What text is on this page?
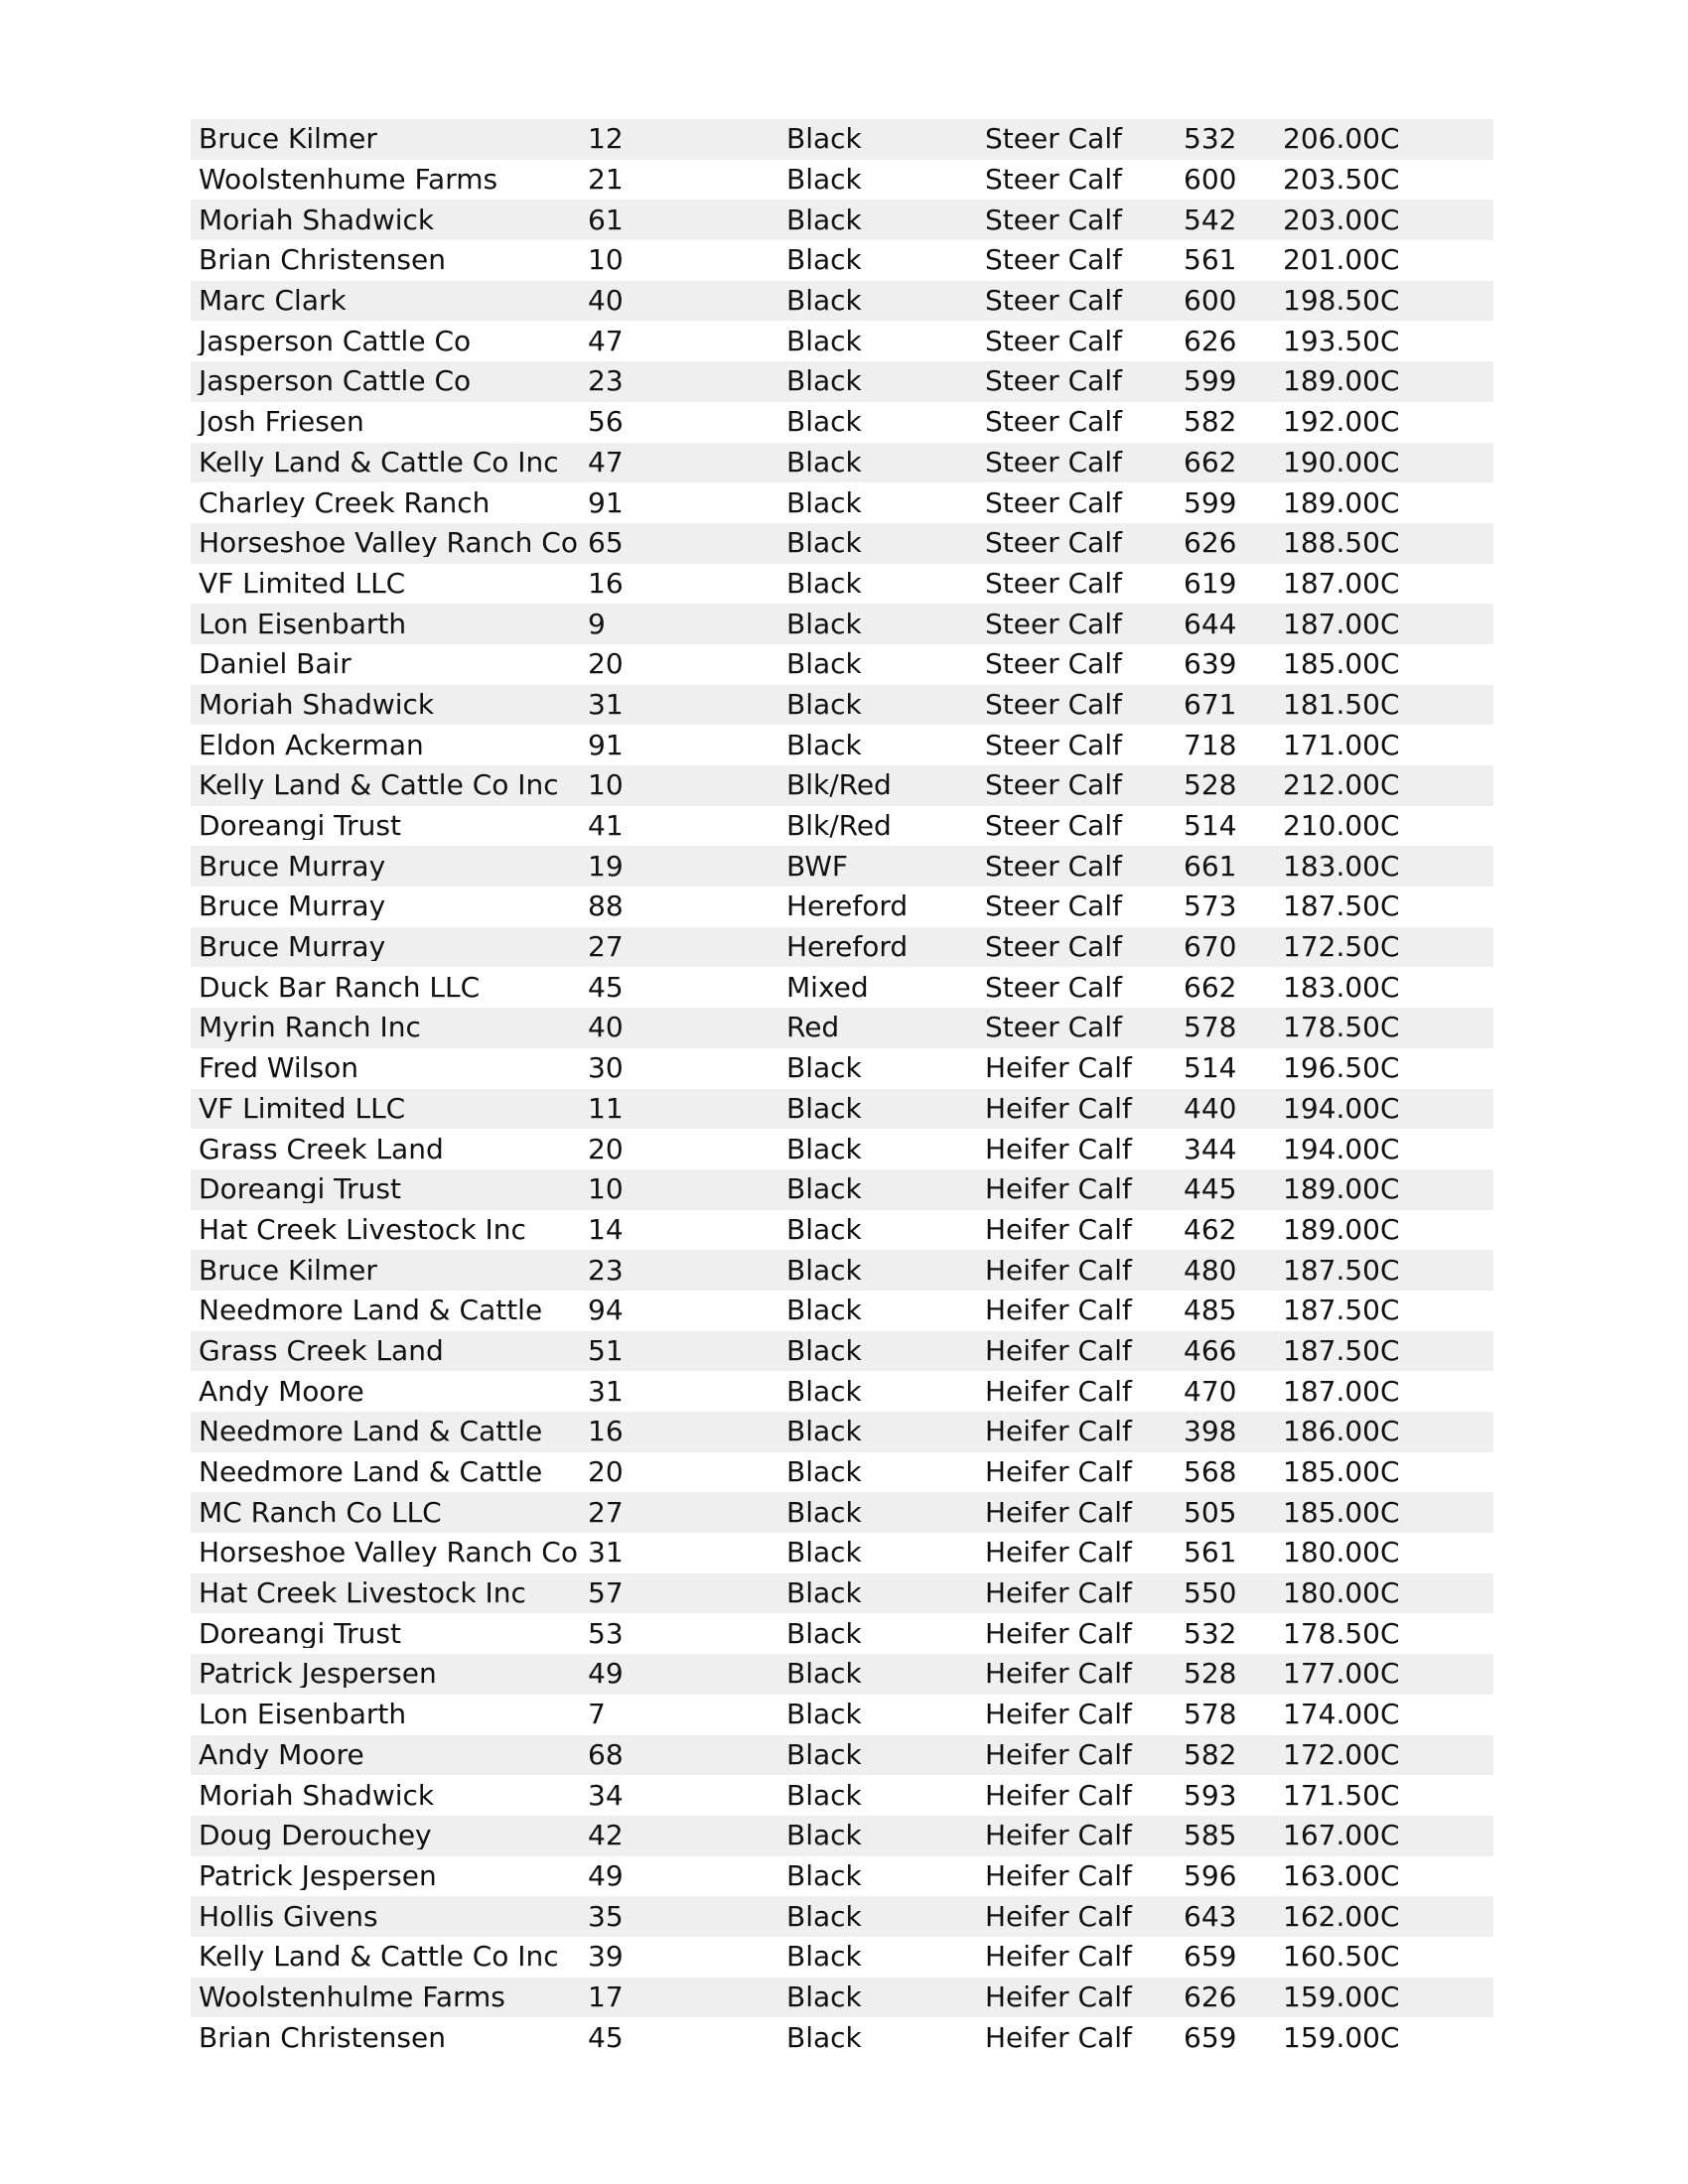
Bruce Kilmer	12	Black	Steer Calf	532	206.00C
Woolstenhume Farms	21	Black	Steer Calf	600	203.50C
Moriah Shadwick	61	Black	Steer Calf	542	203.00C
Brian Christensen	10	Black	Steer Calf	561	201.00C
Marc Clark	40	Black	Steer Calf	600	198.50C
Jasperson Cattle Co	47	Black	Steer Calf	626	193.50C
Jasperson Cattle Co	23	Black	Steer Calf	599	189.00C
Josh Friesen	56	Black	Steer Calf	582	192.00C
Kelly Land & Cattle Co Inc	47	Black	Steer Calf	662	190.00C
Charley Creek Ranch	91	Black	Steer Calf	599	189.00C
Horseshoe Valley Ranch Co 65	Black	Steer Calf	626	188.50C
VF Limited LLC	16	Black	Steer Calf	619	187.00C
Lon Eisenbarth	9	Black	Steer Calf	644	187.00C
Daniel Bair	20	Black	Steer Calf	639	185.00C
Moriah Shadwick	31	Black	Steer Calf	671	181.50C
Eldon Ackerman	91	Black	Steer Calf	718	171.00C
Kelly Land & Cattle Co Inc	10	Blk/Red	Steer Calf	528	212.00C
Doreangi Trust	41	Blk/Red	Steer Calf	514	210.00C
Bruce Murray	19	BWF	Steer Calf	661	183.00C
Bruce Murray	88	Hereford	Steer Calf	573	187.50C
Bruce Murray	27	Hereford	Steer Calf	670	172.50C
Duck Bar Ranch LLC	45	Mixed	Steer Calf	662	183.00C
Myrin Ranch Inc	40	Red	Steer Calf	578	178.50C
Fred Wilson	30	Black	Heifer Calf	514	196.50C
VF Limited LLC	11	Black	Heifer Calf	440	194.00C
Grass Creek Land	20	Black	Heifer Calf	344	194.00C
Doreangi Trust	10	Black	Heifer Calf	445	189.00C
Hat Creek Livestock Inc	14	Black	Heifer Calf	462	189.00C
Bruce Kilmer	23	Black	Heifer Calf	480	187.50C
Needmore Land & Cattle	94	Black	Heifer Calf	485	187.50C
Grass Creek Land	51	Black	Heifer Calf	466	187.50C
Andy Moore	31	Black	Heifer Calf	470	187.00C
Needmore Land & Cattle	16	Black	Heifer Calf	398	186.00C
Needmore Land & Cattle	20	Black	Heifer Calf	568	185.00C
MC Ranch Co LLC	27	Black	Heifer Calf	505	185.00C
Horseshoe Valley Ranch Co 31	Black	Heifer Calf	561	180.00C
Hat Creek Livestock Inc	57	Black	Heifer Calf	550	180.00C
Doreangi Trust	53	Black	Heifer Calf	532	178.50C
Patrick Jespersen	49	Black	Heifer Calf	528	177.00C
Lon Eisenbarth	7	Black	Heifer Calf	578	174.00C
Andy Moore	68	Black	Heifer Calf	582	172.00C
Moriah Shadwick	34	Black	Heifer Calf	593	171.50C
Doug Derouchey	42	Black	Heifer Calf	585	167.00C
Patrick Jespersen	49	Black	Heifer Calf	596	163.00C
Hollis Givens	35	Black	Heifer Calf	643	162.00C
Kelly Land & Cattle Co Inc	39	Black	Heifer Calf	659	160.50C
Woolstenhulme Farms	17	Black	Heifer Calf	626	159.00C
Brian Christensen	45	Black	Heifer Calf	659	159.00C
